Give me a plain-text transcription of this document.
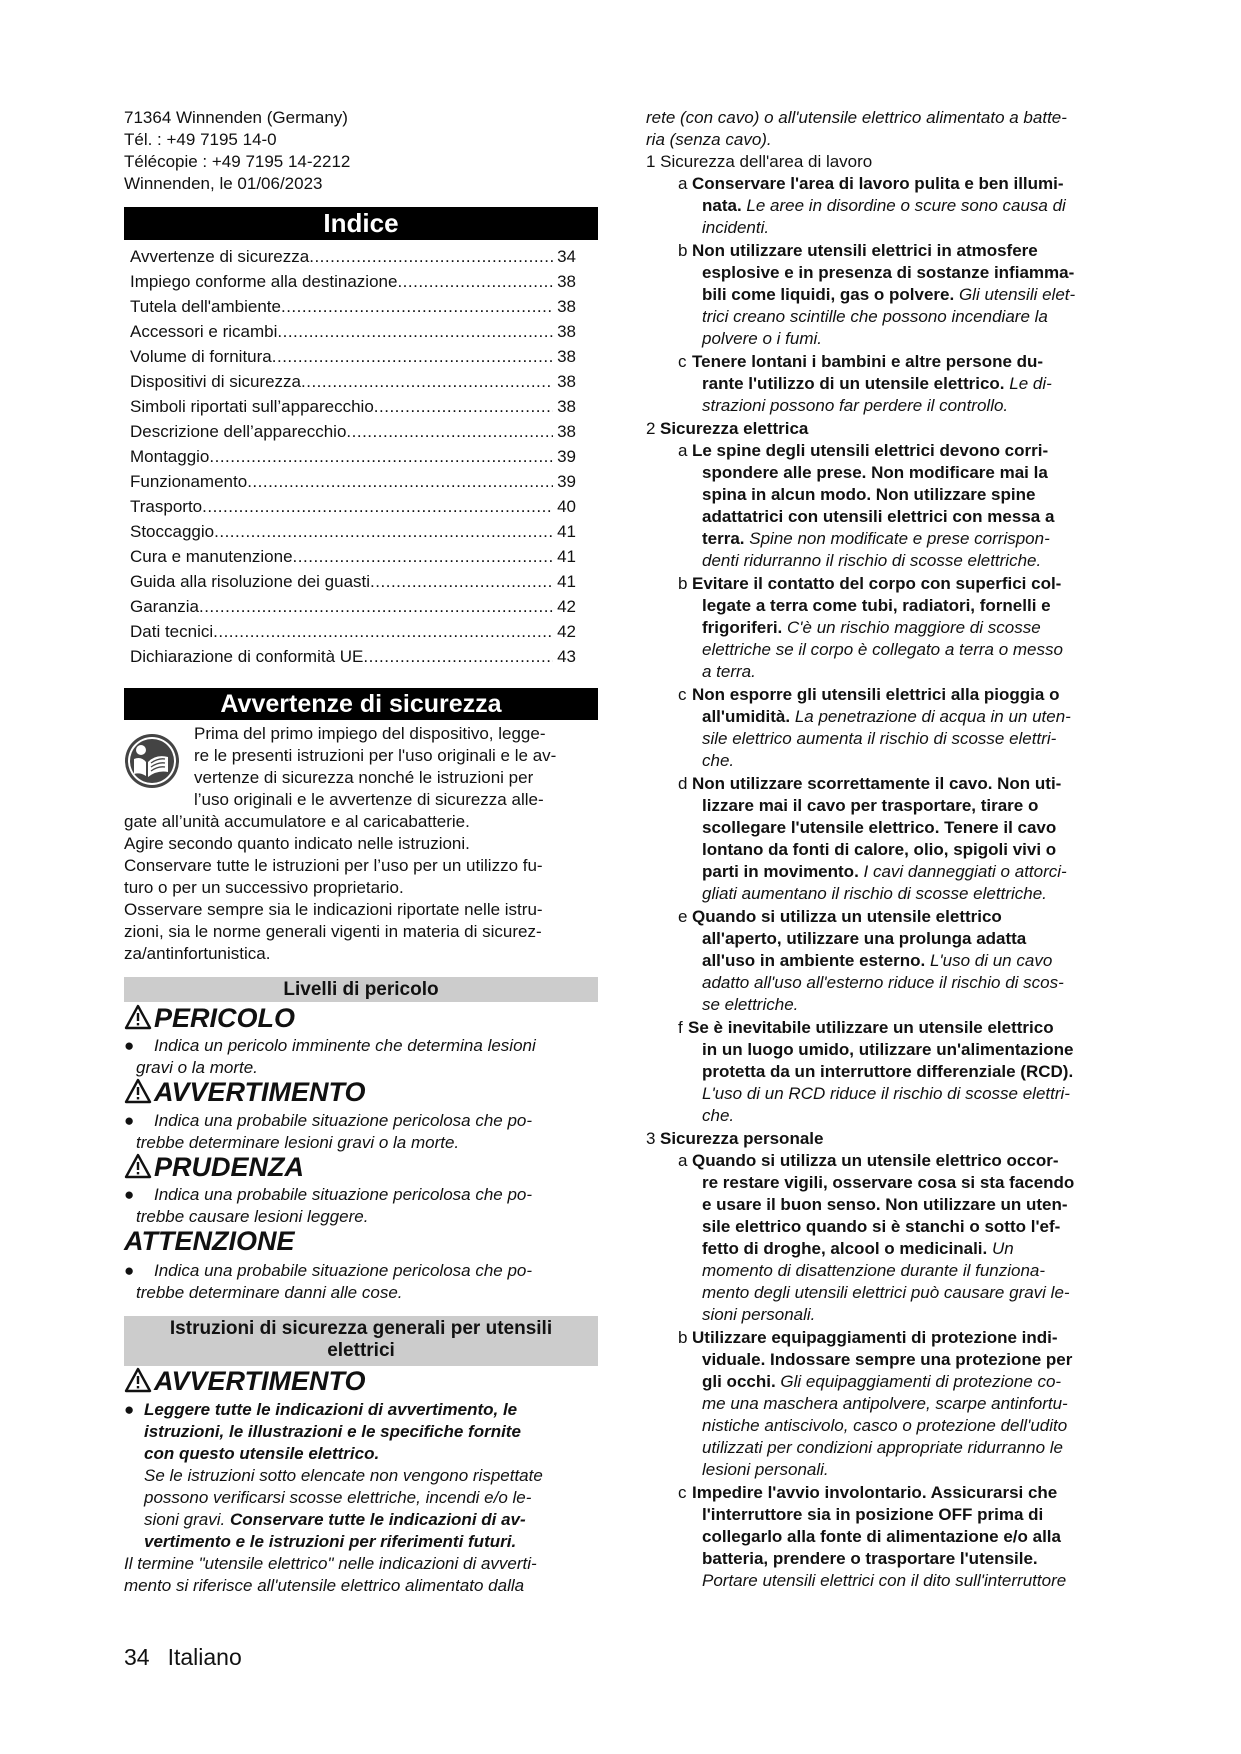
71364 Winnenden (Germany)
Tél. : +49 7195 14-0
Télécopie : +49 7195 14-2212
Winnenden, le 01/06/2023
Indice
Avvertenze di sicurezza .....	34
Impiego conforme alla destinazione .....	38
Tutela dell'ambiente .....	38
Accessori e ricambi .....	38
Volume di fornitura .....	38
Dispositivi di sicurezza .....	38
Simboli riportati sull’apparecchio .....	38
Descrizione dell’apparecchio .....	38
Montaggio .....	39
Funzionamento .....	39
Trasporto .....	40
Stoccaggio .....	41
Cura e manutenzione .....	41
Guida alla risoluzione dei guasti .....	41
Garanzia .....	42
Dati tecnici .....	42
Dichiarazione di conformità UE .....	43
Avvertenze di sicurezza
Prima del primo impiego del dispositivo, legge-
re le presenti istruzioni per l'uso originali e le av-
vertenze di sicurezza nonché le istruzioni per
l’uso originali e le avvertenze di sicurezza alle-
gate all’unità accumulatore e al caricabatterie.
Agire secondo quanto indicato nelle istruzioni.
Conservare tutte le istruzioni per l’uso per un utilizzo fu-
turo o per un successivo proprietario.
Osservare sempre sia le indicazioni riportate nelle istru-
zioni, sia le norme generali vigenti in materia di sicurez-
za/antinfortunistica.
Livelli di pericolo
PERICOLO
● Indica un pericolo imminente che determina lesioni
gravi o la morte.
AVVERTIMENTO
● Indica una probabile situazione pericolosa che po-
trebbe determinare lesioni gravi o la morte.
PRUDENZA
● Indica una probabile situazione pericolosa che po-
trebbe causare lesioni leggere.
ATTENZIONE
● Indica una probabile situazione pericolosa che po-
trebbe determinare danni alle cose.
Istruzioni di sicurezza generali per utensili
elettrici
AVVERTIMENTO
● Leggere tutte le indicazioni di avvertimento, le
istruzioni, le illustrazioni e le specifiche fornite
con questo utensile elettrico.
Se le istruzioni sotto elencate non vengono rispettate
possono verificarsi scosse elettriche, incendi e/o le-
sioni gravi. Conservare tutte le indicazioni di av-
vertimento e le istruzioni per riferimenti futuri.
Il termine "utensile elettrico" nelle indicazioni di avverti-
mento si riferisce all'utensile elettrico alimentato dalla
rete (con cavo) o all'utensile elettrico alimentato a batte-
ria (senza cavo).
1 Sicurezza dell'area di lavoro
a Conservare l'area di lavoro pulita e ben illumi-
nata. Le aree in disordine o scure sono causa di
incidenti.
b Non utilizzare utensili elettrici in atmosfere
esplosive e in presenza di sostanze infiamma-
bili come liquidi, gas o polvere. Gli utensili elet-
trici creano scintille che possono incendiare la
polvere o i fumi.
c Tenere lontani i bambini e altre persone du-
rante l'utilizzo di un utensile elettrico. Le di-
strazioni possono far perdere il controllo.
2 Sicurezza elettrica
a Le spine degli utensili elettrici devono corri-
spondere alle prese. Non modificare mai la
spina in alcun modo. Non utilizzare spine
adattatrici con utensili elettrici con messa a
terra. Spine non modificate e prese corrispon-
denti ridurranno il rischio di scosse elettriche.
b Evitare il contatto del corpo con superfici col-
legate a terra come tubi, radiatori, fornelli e
frigoriferi. C'è un rischio maggiore di scosse
elettriche se il corpo è collegato a terra o messo
a terra.
c Non esporre gli utensili elettrici alla pioggia o
all'umidità. La penetrazione di acqua in un uten-
sile elettrico aumenta il rischio di scosse elettri-
che.
d Non utilizzare scorrettamente il cavo. Non uti-
lizzare mai il cavo per trasportare, tirare o
scollegare l'utensile elettrico. Tenere il cavo
lontano da fonti di calore, olio, spigoli vivi o
parti in movimento. I cavi danneggiati o attorci-
gliati aumentano il rischio di scosse elettriche.
e Quando si utilizza un utensile elettrico
all'aperto, utilizzare una prolunga adatta
all'uso in ambiente esterno. L'uso di un cavo
adatto all'uso all'esterno riduce il rischio di scos-
se elettriche.
f Se è inevitabile utilizzare un utensile elettrico
in un luogo umido, utilizzare un'alimentazione
protetta da un interruttore differenziale (RCD).
L'uso di un RCD riduce il rischio di scosse elettri-
che.
3 Sicurezza personale
a Quando si utilizza un utensile elettrico occor-
re restare vigili, osservare cosa si sta facendo
e usare il buon senso. Non utilizzare un uten-
sile elettrico quando si è stanchi o sotto l'ef-
fetto di droghe, alcool o medicinali. Un
momento di disattenzione durante il funziona-
mento degli utensili elettrici può causare gravi le-
sioni personali.
b Utilizzare equipaggiamenti di protezione indi-
viduale. Indossare sempre una protezione per
gli occhi. Gli equipaggiamenti di protezione co-
me una maschera antipolvere, scarpe antinfortu-
nistiche antiscivolo, casco o protezione dell'udito
utilizzati per condizioni appropriate ridurranno le
lesioni personali.
c Impedire l'avvio involontario. Assicurarsi che
l'interruttore sia in posizione OFF prima di
collegarlo alla fonte di alimentazione e/o alla
batteria, prendere o trasportare l'utensile.
Portare utensili elettrici con il dito sull'interruttore
34 Italiano
